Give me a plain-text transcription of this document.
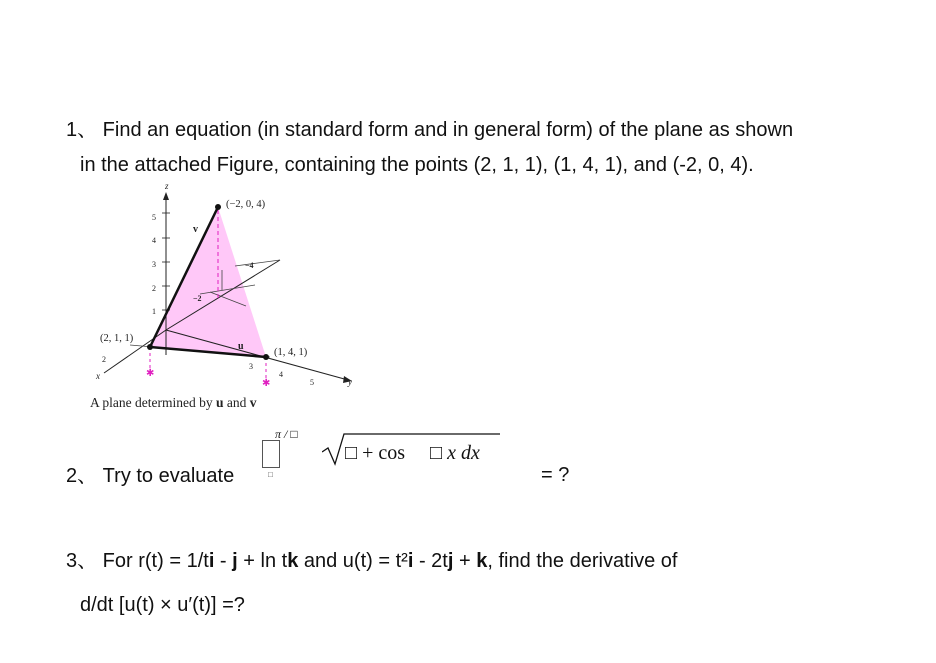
1、 Find an equation (in standard form and in general form) of the plane as shown
in the attached Figure, containing the points (2, 1, 1), (1, 4, 1), and (-2, 0, 4).
✱
✱
(−2, 0, 4)
(2, 1, 1)
(1, 4, 1)
v
u
z
x
y
5
4
3
2
1
−4
−2
2
3
4
5
A plane determined by u and v
2、 Try to evaluate
π / □
□
□ + cos □ x dx
= ?
3、 For r(t) = 1/ti - j + ln tk and u(t) = t²i - 2tj + k, find the derivative of
d/dt [u(t) × u′(t)] =?
